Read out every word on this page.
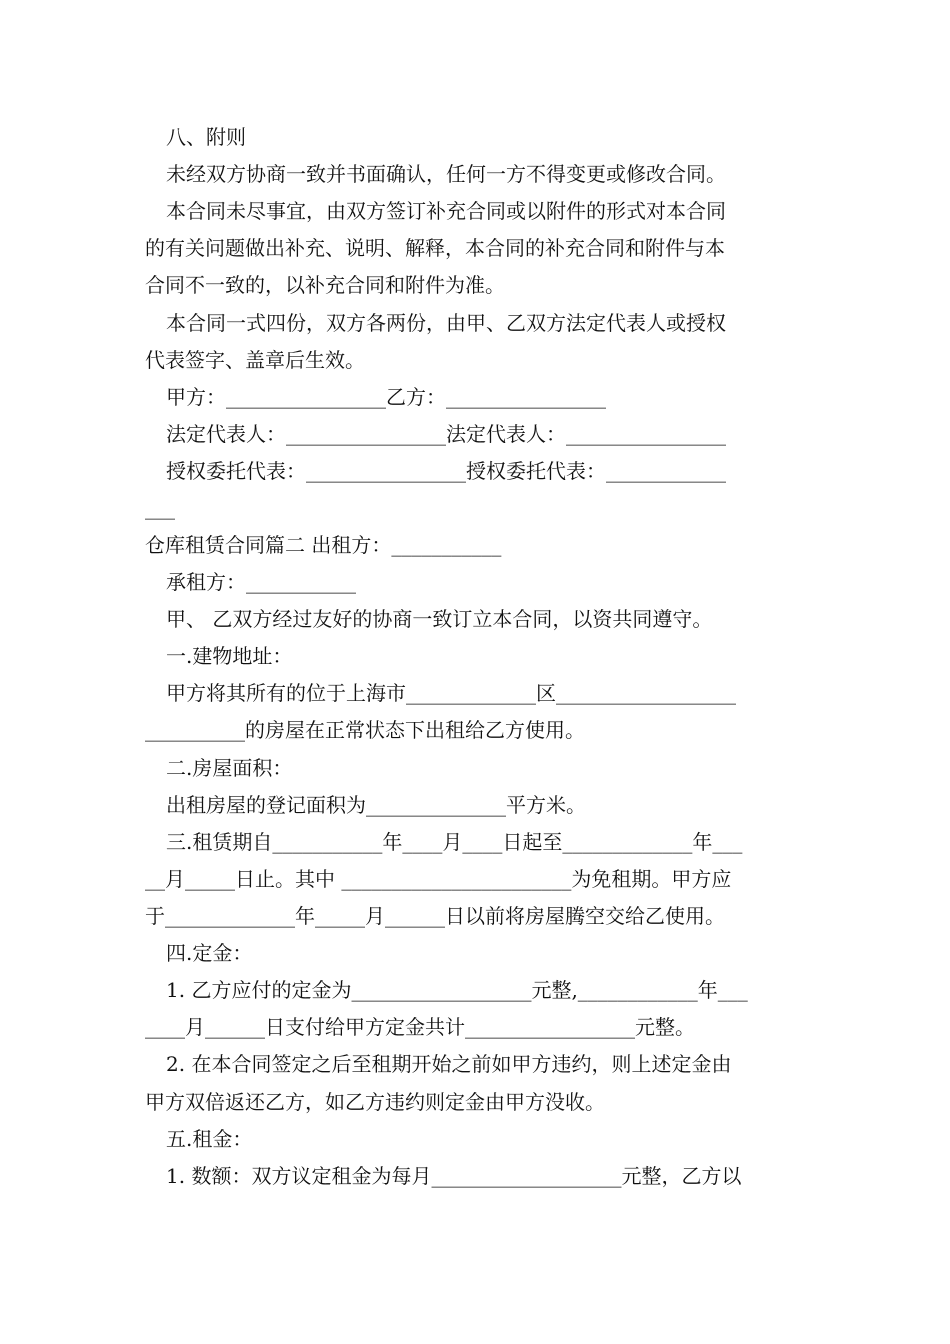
八、附则
未经双方协商一致并书面确认，任何一方不得变更或修改合同。
本合同未尽事宜，由双方签订补充合同或以附件的形式对本合同
的有关问题做出补充、说明、解释，本合同的补充合同和附件与本
合同不一致的，以补充合同和附件为准。
本合同一式四份，双方各两份，由甲、乙双方法定代表人或授权
代表签字、盖章后生效。
甲方：________________乙方：________________
法定代表人：________________法定代表人：________________
授权委托代表：________________授权委托代表：____________
___
仓库租赁合同篇二 出租方：___________
承租方：___________
甲、 乙双方经过友好的协商一致订立本合同，以资共同遵守。
一.建物地址：
甲方将其所有的位于上海市_____________区__________________
__________的房屋在正常状态下出租给乙方使用。
二.房屋面积：
出租房屋的登记面积为______________平方米。
三.租赁期自___________年____月____日起至_____________年___
__月_____日止。其中 _______________________为免租期。甲方应
于_____________年_____月______日以前将房屋腾空交给乙使用。
四.定金：
1. 乙方应付的定金为__________________元整,____________年___
____月______日支付给甲方定金共计_________________元整。
2. 在本合同签定之后至租期开始之前如甲方违约，则上述定金由
甲方双倍返还乙方，如乙方违约则定金由甲方没收。
五.租金：
1. 数额：双方议定租金为每月___________________元整，乙方以
